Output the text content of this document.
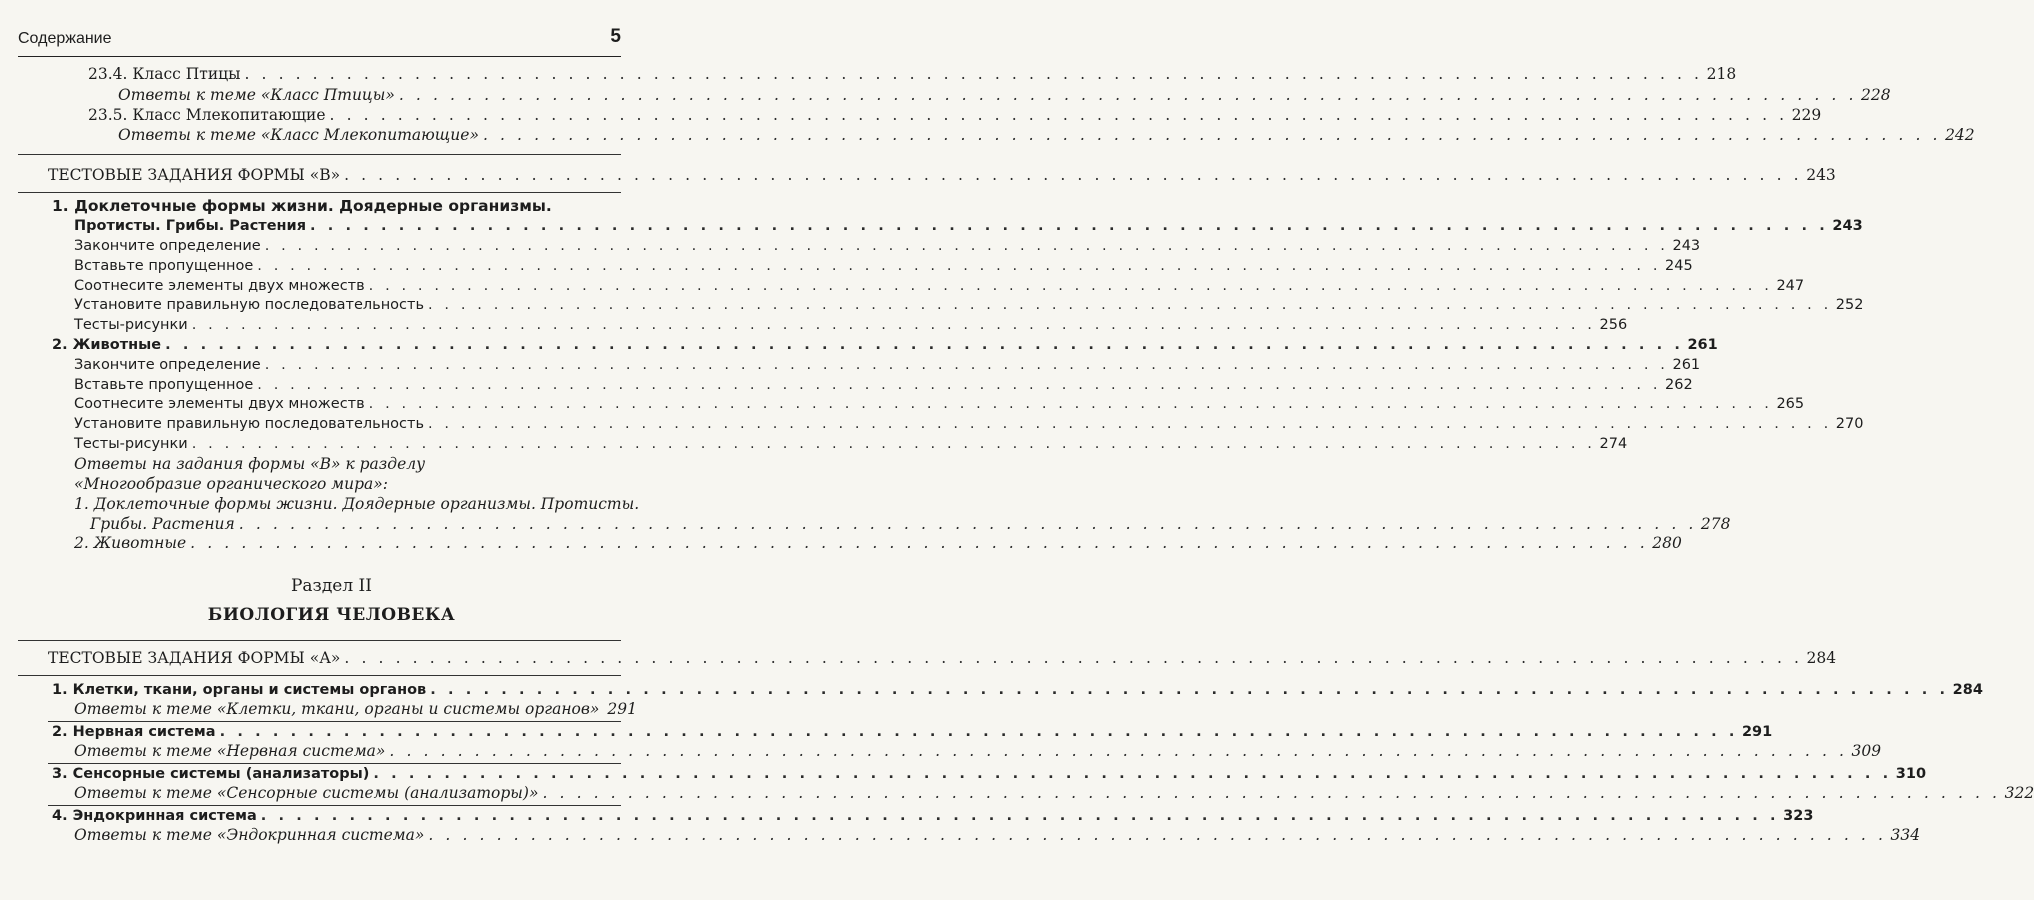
Содержание	5
23.4. Класс Птицы . . . . . . . . . . . . . . . . . . . . . . . . . . . . . . . . . . . . . . . . . . . . . . . . . . . . . . . . . . . . . . . . . . . . . . . . . . . . . . . . . . . . . . 218
Ответы к теме «Класс Птицы» . . . . . . . . . . . . . . . . . . . . . . . . . . . . . . . . . . . . . . . . . . . . . . . . . . . . . . . . . . . . . . . . . . . . . . . . . . . . . . . . . . . . . . 228
23.5. Класс Млекопитающие . . . . . . . . . . . . . . . . . . . . . . . . . . . . . . . . . . . . . . . . . . . . . . . . . . . . . . . . . . . . . . . . . . . . . . . . . . . . . . . . . . . . . . 229
Ответы к теме «Класс Млекопитающие» . . . . . . . . . . . . . . . . . . . . . . . . . . . . . . . . . . . . . . . . . . . . . . . . . . . . . . . . . . . . . . . . . . . . . . . . . . . . . . . . . . . . . . 242
ТЕСТОВЫЕ ЗАДАНИЯ ФОРМЫ «В» . . . . . . . . . . . . . . . . . . . . . . . . . . . . . . . . . . . . . . . . . . . . . . . . . . . . . . . . . . . . . . . . . . . . . . . . . . . . . . . . . . . . . . 243
1. Доклеточные формы жизни. Доядерные организмы.
Протисты. Грибы. Растения . . . . . . . . . . . . . . . . . . . . . . . . . . . . . . . . . . . . . . . . . . . . . . . . . . . . . . . . . . . . . . . . . . . . . . . . . . . . . . . . . . . . . . 243
Закончите определение . . . . . . . . . . . . . . . . . . . . . . . . . . . . . . . . . . . . . . . . . . . . . . . . . . . . . . . . . . . . . . . . . . . . . . . . . . . . . . . . . . . . . . 243
Вставьте пропущенное . . . . . . . . . . . . . . . . . . . . . . . . . . . . . . . . . . . . . . . . . . . . . . . . . . . . . . . . . . . . . . . . . . . . . . . . . . . . . . . . . . . . . . 245
Соотнесите элементы двух множеств . . . . . . . . . . . . . . . . . . . . . . . . . . . . . . . . . . . . . . . . . . . . . . . . . . . . . . . . . . . . . . . . . . . . . . . . . . . . . . . . . . . . . . 247
Установите правильную последовательность . . . . . . . . . . . . . . . . . . . . . . . . . . . . . . . . . . . . . . . . . . . . . . . . . . . . . . . . . . . . . . . . . . . . . . . . . . . . . . . . . . . . . . 252
Тесты-рисунки . . . . . . . . . . . . . . . . . . . . . . . . . . . . . . . . . . . . . . . . . . . . . . . . . . . . . . . . . . . . . . . . . . . . . . . . . . . . . . . . . . . . . . 256
2. Животные . . . . . . . . . . . . . . . . . . . . . . . . . . . . . . . . . . . . . . . . . . . . . . . . . . . . . . . . . . . . . . . . . . . . . . . . . . . . . . . . . . . . . . 261
Закончите определение . . . . . . . . . . . . . . . . . . . . . . . . . . . . . . . . . . . . . . . . . . . . . . . . . . . . . . . . . . . . . . . . . . . . . . . . . . . . . . . . . . . . . . 261
Вставьте пропущенное . . . . . . . . . . . . . . . . . . . . . . . . . . . . . . . . . . . . . . . . . . . . . . . . . . . . . . . . . . . . . . . . . . . . . . . . . . . . . . . . . . . . . . 262
Соотнесите элементы двух множеств . . . . . . . . . . . . . . . . . . . . . . . . . . . . . . . . . . . . . . . . . . . . . . . . . . . . . . . . . . . . . . . . . . . . . . . . . . . . . . . . . . . . . . 265
Установите правильную последовательность . . . . . . . . . . . . . . . . . . . . . . . . . . . . . . . . . . . . . . . . . . . . . . . . . . . . . . . . . . . . . . . . . . . . . . . . . . . . . . . . . . . . . . 270
Тесты-рисунки . . . . . . . . . . . . . . . . . . . . . . . . . . . . . . . . . . . . . . . . . . . . . . . . . . . . . . . . . . . . . . . . . . . . . . . . . . . . . . . . . . . . . . 274
Ответы на задания формы «В» к разделу
«Многообразие органического мира»:
1. Доклеточные формы жизни. Доядерные организмы. Протисты.
Грибы. Растения . . . . . . . . . . . . . . . . . . . . . . . . . . . . . . . . . . . . . . . . . . . . . . . . . . . . . . . . . . . . . . . . . . . . . . . . . . . . . . . . . . . . . . 278
2. Животные . . . . . . . . . . . . . . . . . . . . . . . . . . . . . . . . . . . . . . . . . . . . . . . . . . . . . . . . . . . . . . . . . . . . . . . . . . . . . . . . . . . . . . 280
Раздел II
БИОЛОГИЯ ЧЕЛОВЕКА
ТЕСТОВЫЕ ЗАДАНИЯ ФОРМЫ «А» . . . . . . . . . . . . . . . . . . . . . . . . . . . . . . . . . . . . . . . . . . . . . . . . . . . . . . . . . . . . . . . . . . . . . . . . . . . . . . . . . . . . . . 284
1. Клетки, ткани, органы и системы органов . . . . . . . . . . . . . . . . . . . . . . . . . . . . . . . . . . . . . . . . . . . . . . . . . . . . . . . . . . . . . . . . . . . . . . . . . . . . . . . . . . . . . . 284
Ответы к теме «Клетки, ткани, органы и системы органов» 291
2. Нервная система . . . . . . . . . . . . . . . . . . . . . . . . . . . . . . . . . . . . . . . . . . . . . . . . . . . . . . . . . . . . . . . . . . . . . . . . . . . . . . . . . . . . . . 291
Ответы к теме «Нервная система» . . . . . . . . . . . . . . . . . . . . . . . . . . . . . . . . . . . . . . . . . . . . . . . . . . . . . . . . . . . . . . . . . . . . . . . . . . . . . . . . . . . . . . 309
3. Сенсорные системы (анализаторы) . . . . . . . . . . . . . . . . . . . . . . . . . . . . . . . . . . . . . . . . . . . . . . . . . . . . . . . . . . . . . . . . . . . . . . . . . . . . . . . . . . . . . . 310
Ответы к теме «Сенсорные системы (анализаторы)» . . . . . . . . . . . . . . . . . . . . . . . . . . . . . . . . . . . . . . . . . . . . . . . . . . . . . . . . . . . . . . . . . . . . . . . . . . . . . . . . . . . . . . 322
4. Эндокринная система . . . . . . . . . . . . . . . . . . . . . . . . . . . . . . . . . . . . . . . . . . . . . . . . . . . . . . . . . . . . . . . . . . . . . . . . . . . . . . . . . . . . . . 323
Ответы к теме «Эндокринная система» . . . . . . . . . . . . . . . . . . . . . . . . . . . . . . . . . . . . . . . . . . . . . . . . . . . . . . . . . . . . . . . . . . . . . . . . . . . . . . . . . . . . . . 334
